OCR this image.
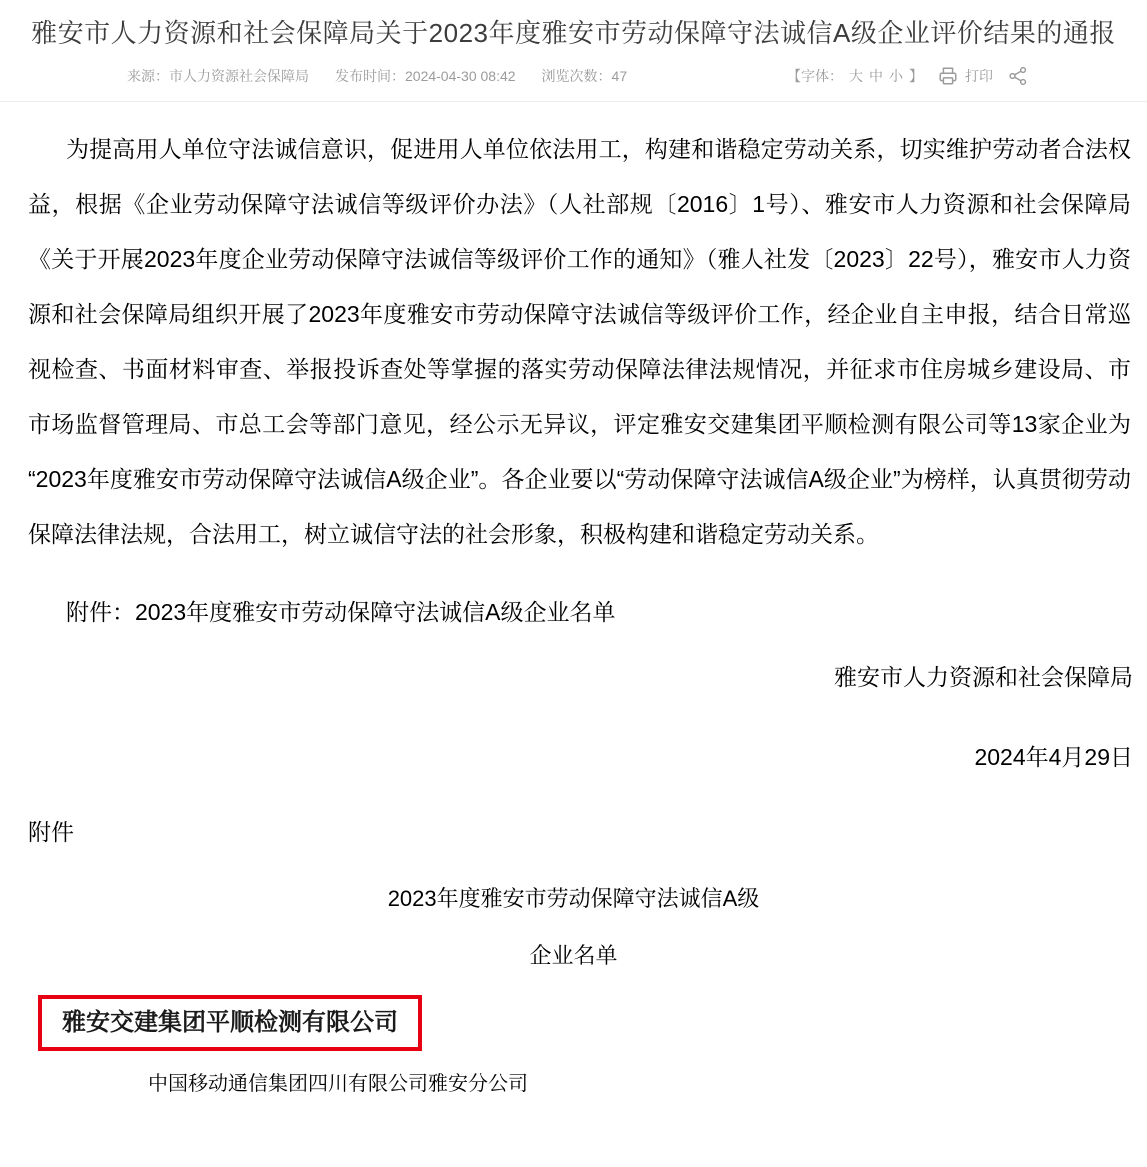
雅安市人力资源和社会保障局关于2023年度雅安市劳动保障守法诚信А级企业评价结果的通报
来源：市人力资源社会保障局 发布时间：2024-04-30 08:42 浏览次数：47	【字体： 大 中 小 】	打印

为提高用人单位守法诚信意识，促进用人单位依法用工，构建和谐稳定劳动关系，切实维护劳动者合法权益，根据《企业劳动保障守法诚信等级评价办法》（人社部规〔2016〕1号）、雅安市人力资源和社会保障局《关于开展2023年度企业劳动保障守法诚信等级评价工作的通知》（雅人社发〔2023〕22号），雅安市人力资源和社会保障局组织开展了2023年度雅安市劳动保障守法诚信等级评价工作，经企业自主申报，结合日常巡视检查、书面材料审查、举报投诉查处等掌握的落实劳动保障法律法规情况，并征求市住房城乡建设局、市市场监督管理局、市总工会等部门意见，经公示无异议，评定雅安交建集团平顺检测有限公司等13家企业为“2023年度雅安市劳动保障守法诚信А级企业”。各企业要以“劳动保障守法诚信A级企业”为榜样，认真贯彻劳动保障法律法规，合法用工，树立诚信守法的社会形象，积极构建和谐稳定劳动关系。

附件：2023年度雅安市劳动保障守法诚信A级企业名单

雅安市人力资源和社会保障局

2024年4月29日

附件

2023年度雅安市劳动保障守法诚信A级

企业名单

雅安交建集团平顺检测有限公司

中国移动通信集团四川有限公司雅安分公司
